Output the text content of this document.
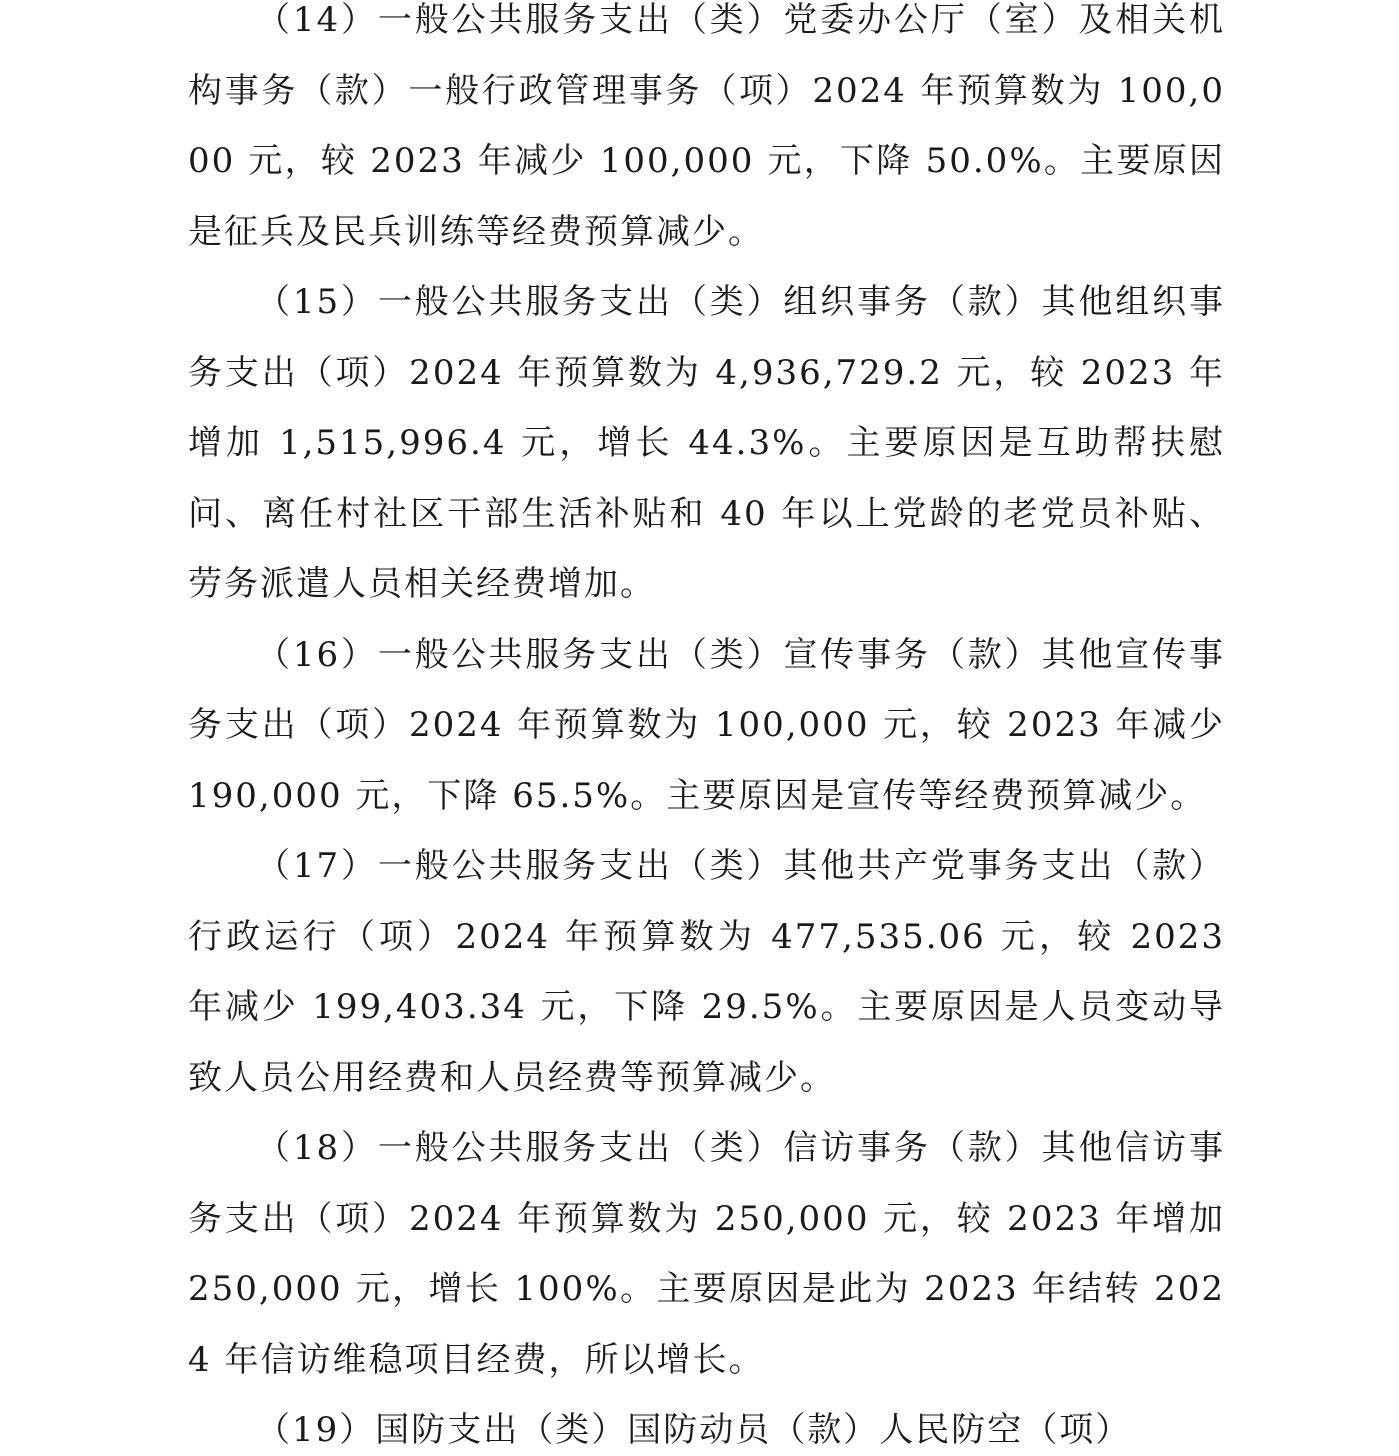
（14）一般公共服务支出（类）党委办公厅（室）及相关机构事务（款）一般行政管理事务（项）2024 年预算数为 100,000 元，较 2023 年减少 100,000 元，下降 50.0%。主要原因是征兵及民兵训练等经费预算减少。

（15）一般公共服务支出（类）组织事务（款）其他组织事务支出（项）2024 年预算数为 4,936,729.2 元，较 2023 年增加 1,515,996.4 元，增长 44.3%。主要原因是互助帮扶慰问、离任村社区干部生活补贴和 40 年以上党龄的老党员补贴、劳务派遣人员相关经费增加。

（16）一般公共服务支出（类）宣传事务（款）其他宣传事务支出（项）2024 年预算数为 100,000 元，较 2023 年减少 190,000 元，下降 65.5%。主要原因是宣传等经费预算减少。

（17）一般公共服务支出（类）其他共产党事务支出（款）行政运行（项）2024 年预算数为 477,535.06 元，较 2023 年减少 199,403.34 元，下降 29.5%。主要原因是人员变动导致人员公用经费和人员经费等预算减少。

（18）一般公共服务支出（类）信访事务（款）其他信访事务支出（项）2024 年预算数为 250,000 元，较 2023 年增加 250,000 元，增长 100%。主要原因是此为 2023 年结转 2024 年信访维稳项目经费，所以增长。

（19）国防支出（类）国防动员（款）人民防空（项）
